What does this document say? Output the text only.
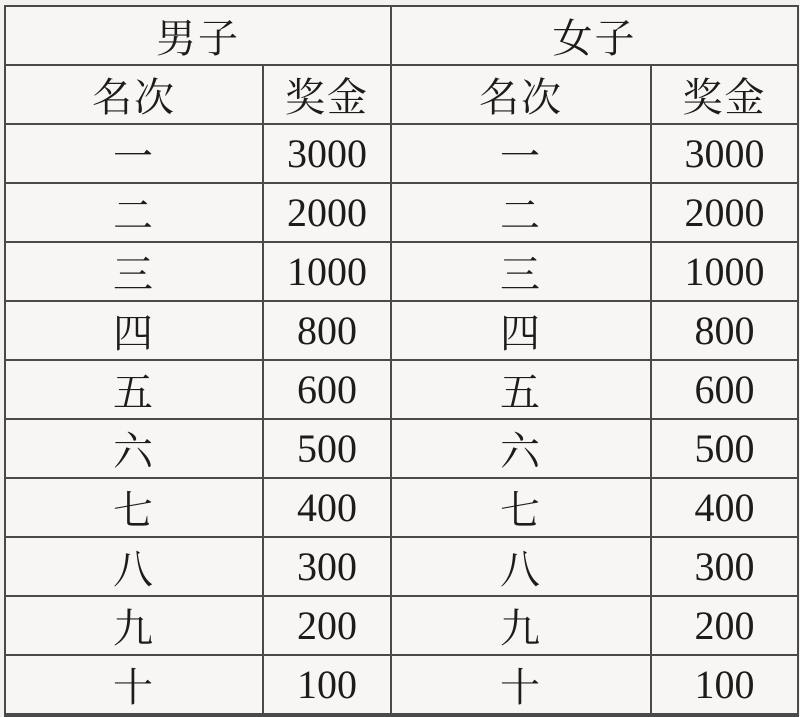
男子		女子	
名次	奖金	名次	奖金
一	3000	一	3000
二	2000	二	2000
三	1000	三	1000
四	800	四	800
五	600	五	600
六	500	六	500
七	400	七	400
八	300	八	300
九	200	九	200
十	100	十	100
